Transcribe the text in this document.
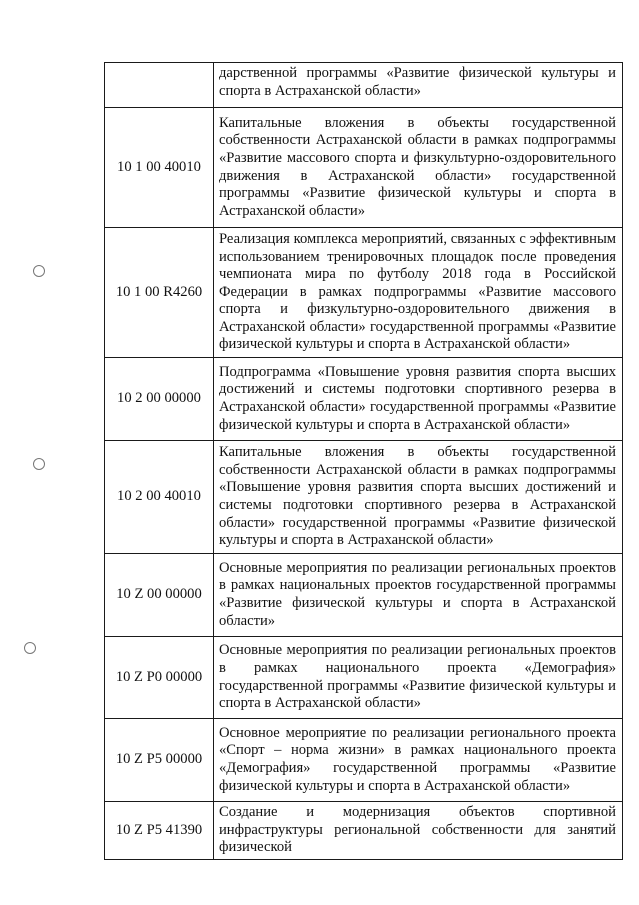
	дарственной программы «Развитие физической культуры и спорта в Астраханской области»
10 1 00 40010	Капитальные вложения в объекты государственной собственности Астраханской области в рамках подпрограммы «Развитие массового спорта и физкультурно-оздоровительного движения в Астраханской области» государственной программы «Развитие физической культуры и спорта в Астраханской области»
10 1 00 R4260	Реализация комплекса мероприятий, связанных с эффективным использованием тренировочных площадок после проведения чемпионата мира по футболу 2018 года в Российской Федерации в рамках подпрограммы «Развитие массового спорта и физкультурно-оздоровительного движения в Астраханской области» государственной программы «Развитие физической культуры и спорта в Астраханской области»
10 2 00 00000	Подпрограмма «Повышение уровня развития спорта высших достижений и системы подготовки спортивного резерва в Астраханской области» государственной программы «Развитие физической культуры и спорта в Астраханской области»
10 2 00 40010	Капитальные вложения в объекты государственной собственности Астраханской области в рамках подпрограммы «Повышение уровня развития спорта высших достижений и системы подготовки спортивного резерва в Астраханской области» государственной программы «Развитие физической культуры и спорта в Астраханской области»
10 Z 00 00000	Основные мероприятия по реализации региональных проектов в рамках национальных проектов государственной программы «Развитие физической культуры и спорта в Астраханской области»
10 Z P0 00000	Основные мероприятия по реализации региональных проектов в рамках национального проекта «Демография» государственной программы «Развитие физической культуры и спорта в Астраханской области»
10 Z P5 00000	Основное мероприятие по реализации регионального проекта «Спорт – норма жизни» в рамках национального проекта «Демография» государственной программы «Развитие физической культуры и спорта в Астраханской области»
10 Z P5 41390	Создание и модернизация объектов спортивной инфраструктуры региональной собственности для занятий физической
